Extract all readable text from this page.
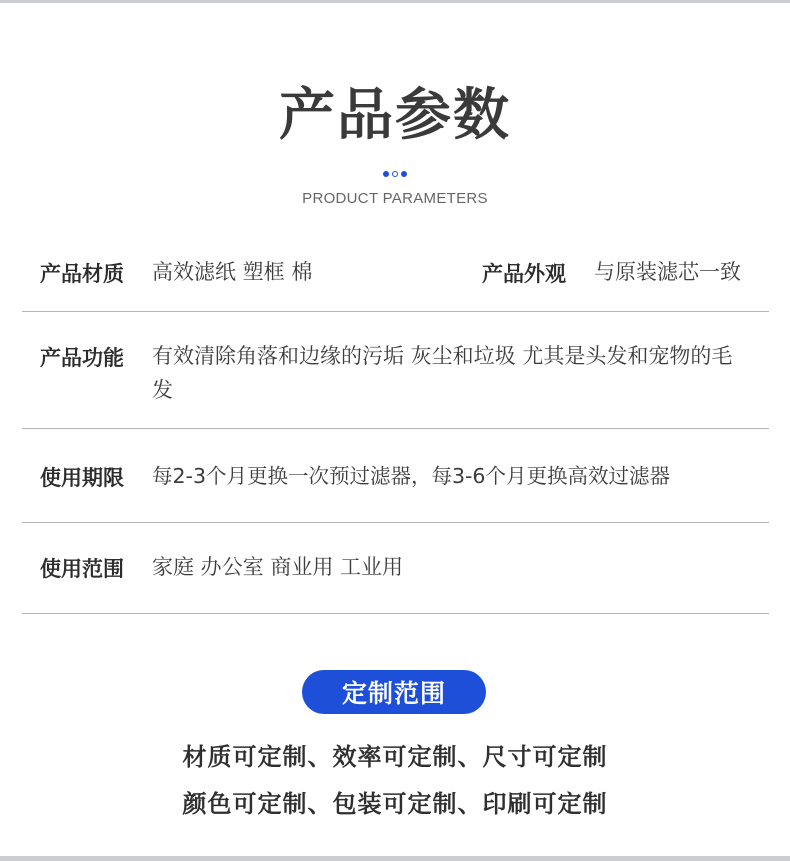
产品参数
PRODUCT PARAMETERS
产品材质 高效滤纸 塑框 棉	产品外观 与原装滤芯一致
产品功能 有效清除角落和边缘的污垢 灰尘和垃圾 尤其是头发和宠物的毛发
使用期限 每2-3个月更换一次预过滤器，每3-6个月更换高效过滤器
使用范围 家庭 办公室 商业用 工业用
定制范围
材质可定制、效率可定制、尺寸可定制
颜色可定制、包装可定制、印刷可定制
